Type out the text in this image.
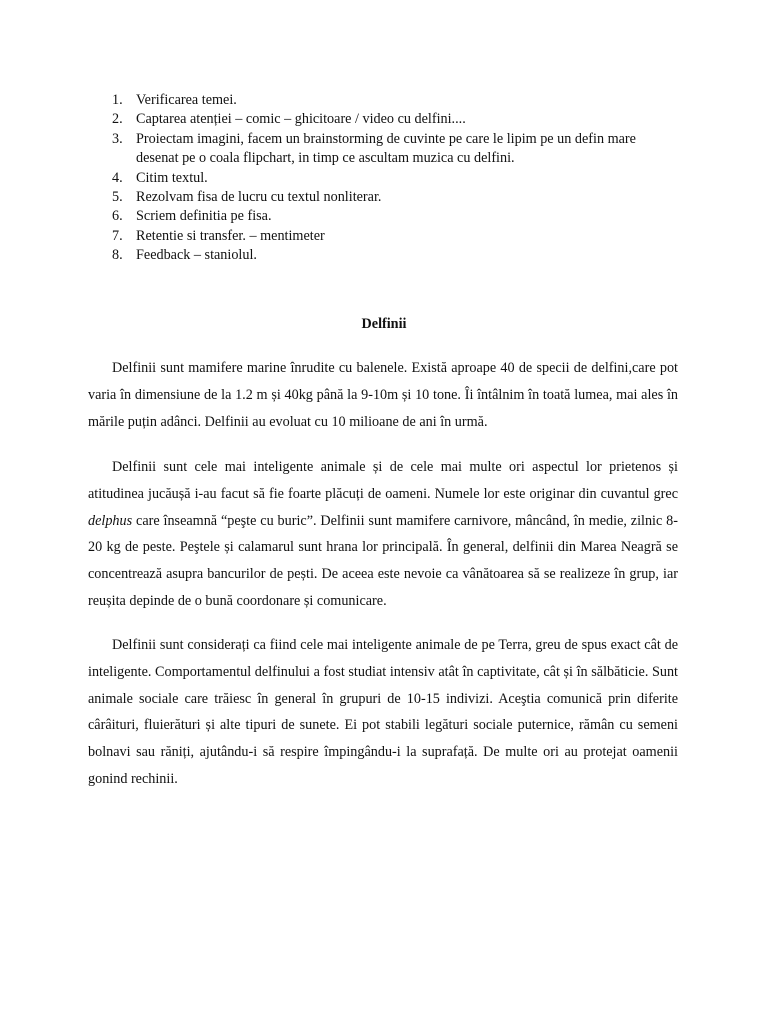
1. Verificarea temei.
2. Captarea atenției – comic – ghicitoare / video cu delfini....
3. Proiectam imagini, facem un brainstorming de cuvinte pe care le lipim pe un defin mare desenat pe o coala flipchart, in timp ce ascultam muzica cu delfini.
4. Citim textul.
5. Rezolvam fisa de lucru cu textul nonliterar.
6. Scriem definitia pe fisa.
7. Retentie si transfer. – mentimeter
8. Feedback – staniolul.
Delfinii

Delfinii sunt mamifere marine înrudite cu balenele. Există aproape 40 de specii de delfini,care pot varia în dimensiune de la 1.2 m și 40kg până la 9-10m și 10 tone. Îi întâlnim în toată lumea, mai ales în mările puțin adânci. Delfinii au evoluat cu 10 milioane de ani în urmă.

Delfinii sunt cele mai inteligente animale și de cele mai multe ori aspectul lor prietenos și atitudinea jucăușă i-au facut să fie foarte plăcuți de oameni. Numele lor este originar din cuvantul grec delphus care înseamnă “peşte cu buric”. Delfinii sunt mamifere carnivore, mâncând, în medie, zilnic 8- 20 kg de peste. Peştele și calamarul sunt hrana lor principală. În general, delfinii din Marea Neagră se concentrează asupra bancurilor de pești. De aceea este nevoie ca vânătoarea să se realizeze în grup, iar reușita depinde de o bună coordonare și comunicare.

Delfinii sunt considerați ca fiind cele mai inteligente animale de pe Terra, greu de spus exact cât de inteligente. Comportamentul delfinului a fost studiat intensiv atât în captivitate, cât și în sălbăticie. Sunt animale sociale care trăiesc în general în grupuri de 10-15 indivizi. Aceştia comunică prin diferite cârâituri, fluierături și alte tipuri de sunete. Ei pot stabili legături sociale puternice, rămân cu semeni bolnavi sau răniți, ajutându-i să respire împingându-i la suprafață. De multe ori au protejat oamenii gonind rechinii.
